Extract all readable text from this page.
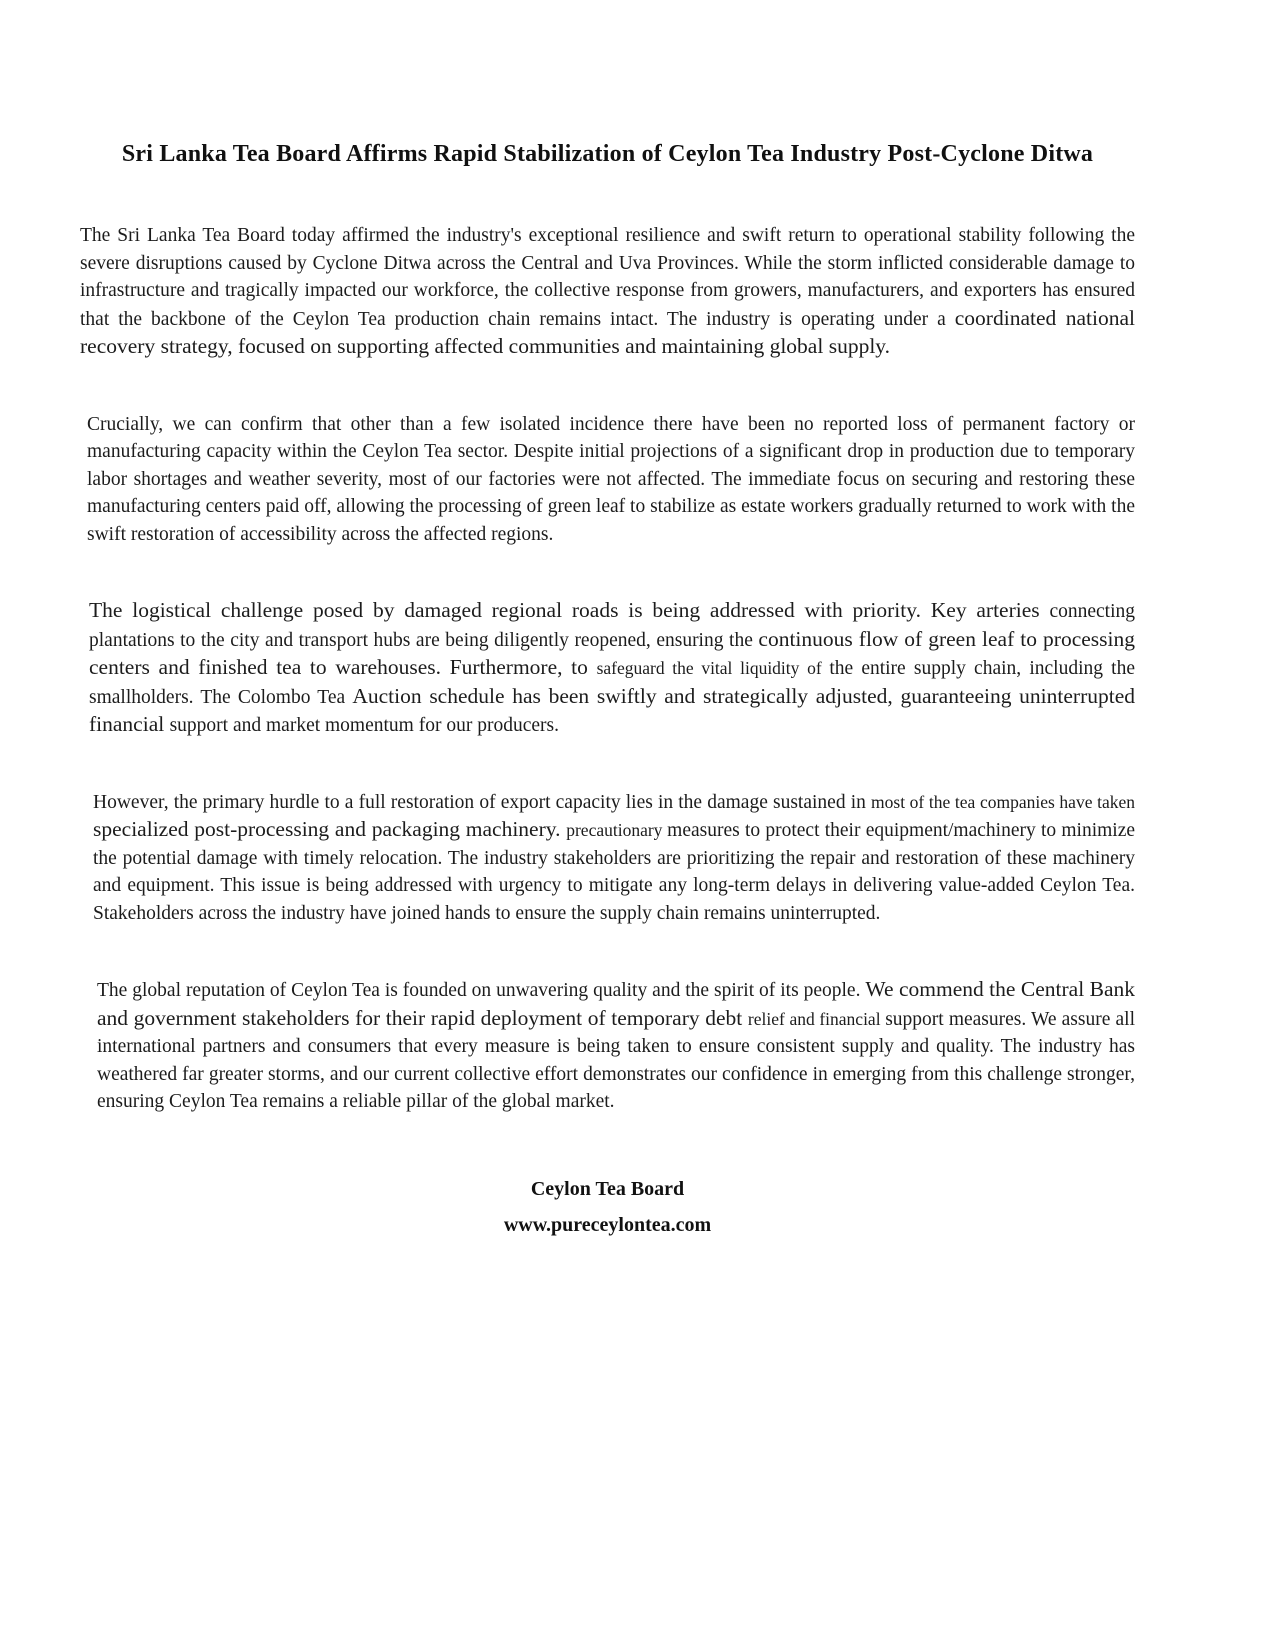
Sri Lanka Tea Board Affirms Rapid Stabilization of Ceylon Tea Industry Post-Cyclone Ditwa

The Sri Lanka Tea Board today affirmed the industry's exceptional resilience and swift return to operational stability following the severe disruptions caused by Cyclone Ditwa across the Central and Uva Provinces. While the storm inflicted considerable damage to infrastructure and tragically impacted our workforce, the collective response from growers, manufacturers, and exporters has ensured that the backbone of the Ceylon Tea production chain remains intact. The industry is operating under a coordinated national recovery strategy, focused on supporting affected communities and maintaining global supply.

Crucially, we can confirm that other than a few isolated incidence there have been no reported loss of permanent factory or manufacturing capacity within the Ceylon Tea sector. Despite initial projections of a significant drop in production due to temporary labor shortages and weather severity, most of our factories were not affected. The immediate focus on securing and restoring these manufacturing centers paid off, allowing the processing of green leaf to stabilize as estate workers gradually returned to work with the swift restoration of accessibility across the affected regions.

The logistical challenge posed by damaged regional roads is being addressed with priority. Key arteries connecting plantations to the city and transport hubs are being diligently reopened, ensuring the continuous flow of green leaf to processing centers and finished tea to warehouses. Furthermore, to safeguard the vital liquidity of the entire supply chain, including the smallholders. The Colombo Tea Auction schedule has been swiftly and strategically adjusted, guaranteeing uninterrupted financial support and market momentum for our producers.

However, the primary hurdle to a full restoration of export capacity lies in the damage sustained in most of the tea companies have taken specialized post-processing and packaging machinery. precautionary measures to protect their equipment/machinery to minimize the potential damage with timely relocation. The industry stakeholders are prioritizing the repair and restoration of these machinery and equipment. This issue is being addressed with urgency to mitigate any long-term delays in delivering value-added Ceylon Tea. Stakeholders across the industry have joined hands to ensure the supply chain remains uninterrupted.

The global reputation of Ceylon Tea is founded on unwavering quality and the spirit of its people. We commend the Central Bank and government stakeholders for their rapid deployment of temporary debt relief and financial support measures. We assure all international partners and consumers that every measure is being taken to ensure consistent supply and quality. The industry has weathered far greater storms, and our current collective effort demonstrates our confidence in emerging from this challenge stronger, ensuring Ceylon Tea remains a reliable pillar of the global market.

Ceylon Tea Board

www.pureceylontea.com
